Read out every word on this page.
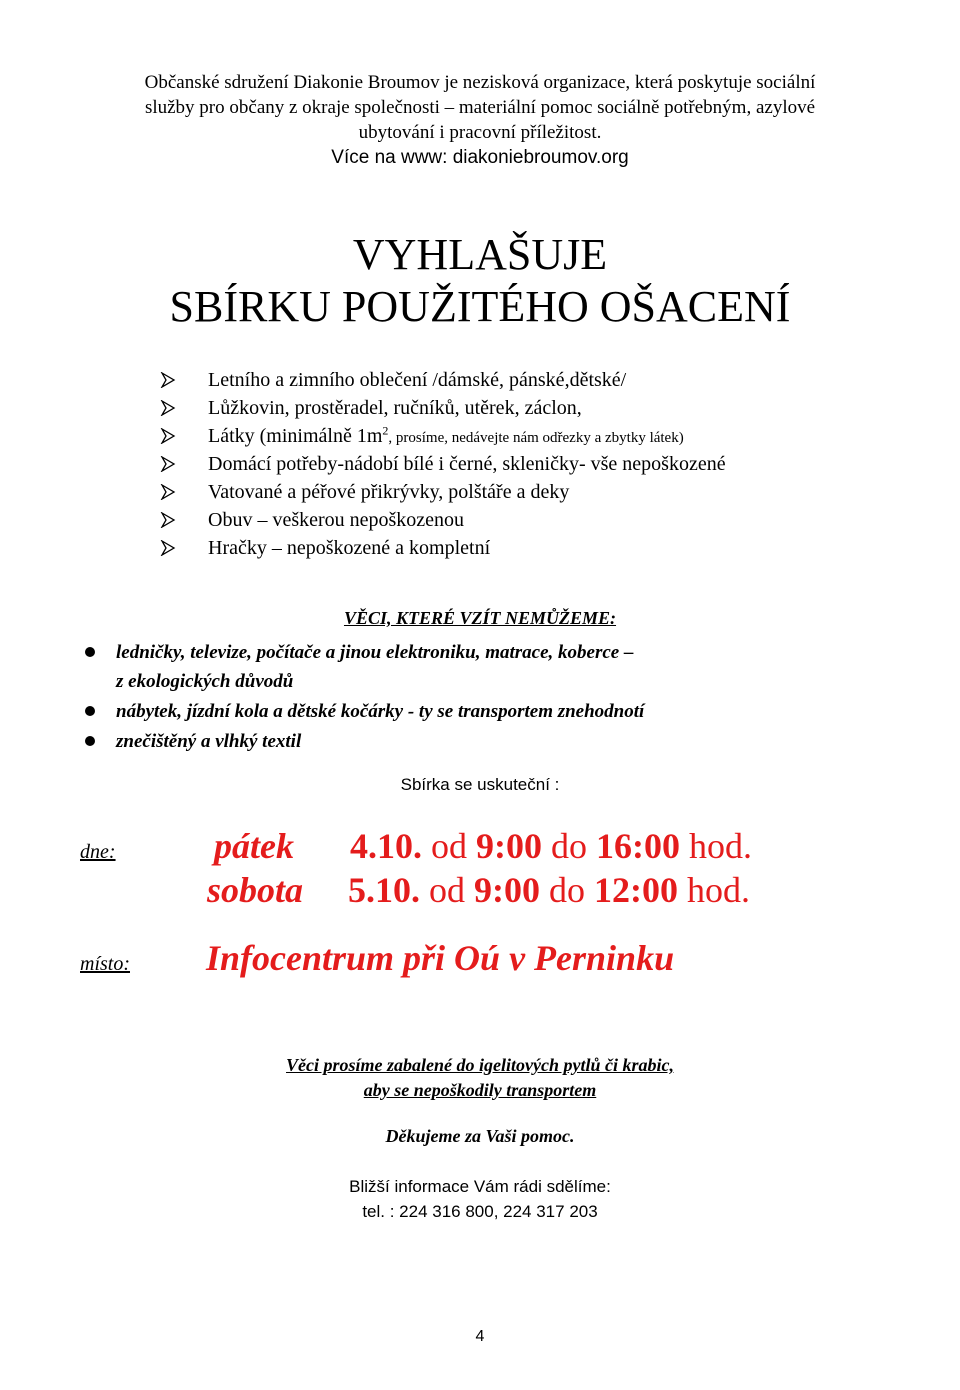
Občanské sdružení Diakonie Broumov je nezisková organizace, která poskytuje sociální
služby pro občany z okraje společnosti – materiální pomoc sociálně potřebným, azylové
ubytování i pracovní příležitost.
Více na www: diakoniebroumov.org
VYHLAŠUJE
SBÍRKU POUŽITÉHO OŠACENÍ
Letního a zimního oblečení /dámské, pánské,dětské/
Lůžkovin, prostěradel, ručníků, utěrek, záclon,
Látky (minimálně $1m^2$, prosíme, nedávejte nám odřezky a zbytky látek)
Domácí potřeby-nádobí bílé i černé, skleničky- vše nepoškozené
Vatované a péřové přikrývky, polštáře a deky
Obuv – veškerou nepoškozenou
Hračky – nepoškozené a kompletní
VĚCI, KTERÉ VZÍT NEMŮŽEME:
ledničky, televize, počítače a jinou elektroniku, matrace, koberce –
z ekologických důvodů
nábytek, jízdní kola a dětské kočárky - ty se transportem znehodnotí
znečištěný a vlhký textil
Sbírka se uskuteční :
dne:	pátek 4.10. od 9:00 do 16:00 hod.
sobota 5.10. od 9:00 do 12:00 hod.
místo: Infocentrum při Oú v Perninku
Věci prosíme zabalené do igelitových pytlů či krabic,
aby se nepoškodily transportem
Děkujeme za Vaši pomoc.
Bližší informace Vám rádi sdělíme:
tel. : 224 316 800, 224 317 203
4
